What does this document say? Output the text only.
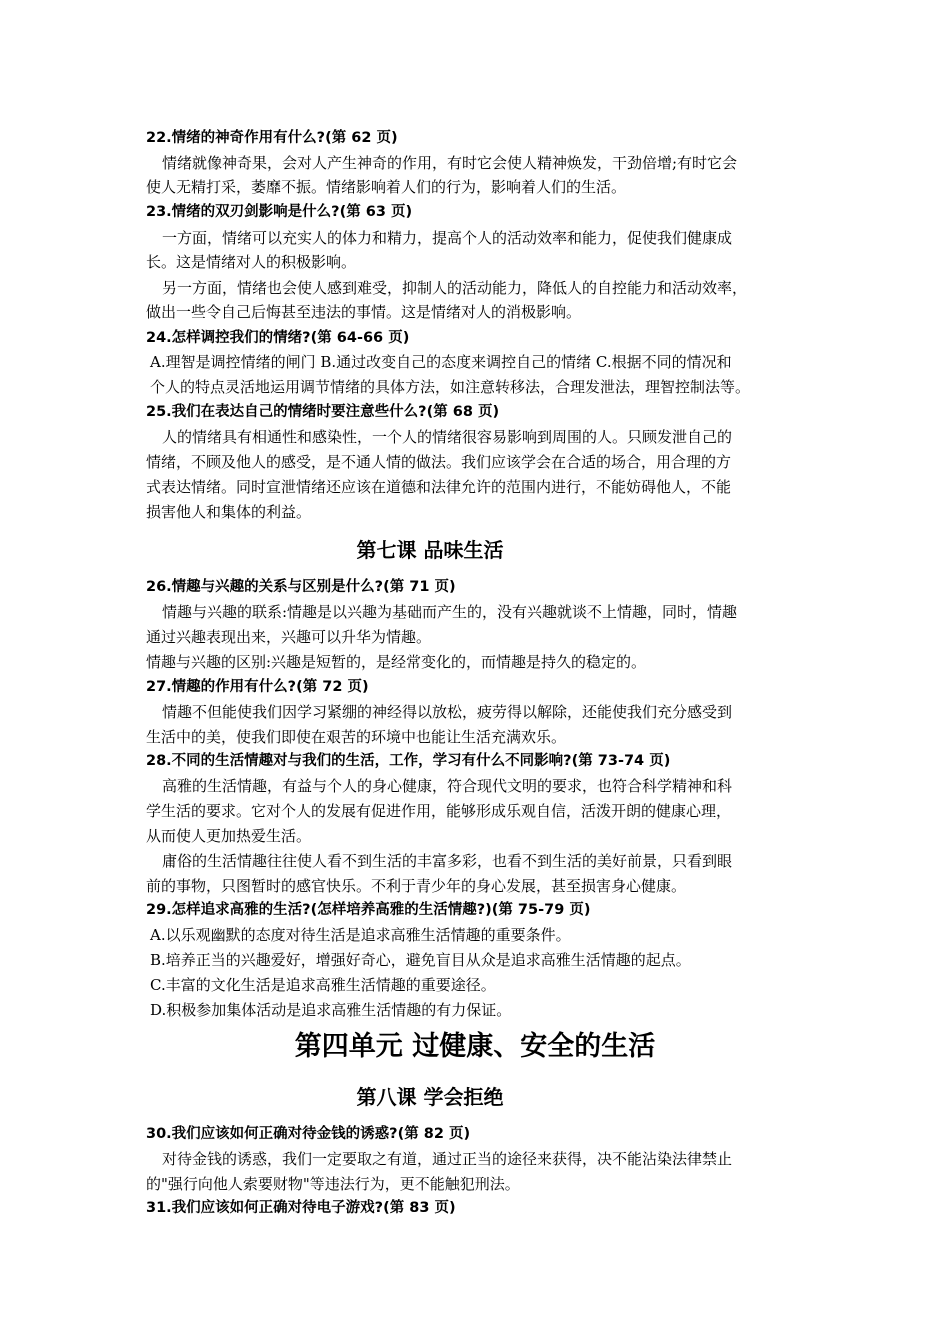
22.情绪的神奇作用有什么?(第 62 页)
情绪就像神奇果，会对人产生神奇的作用，有时它会使人精神焕发，干劲倍增;有时它会
使人无精打采，萎靡不振。情绪影响着人们的行为，影响着人们的生活。
23.情绪的双刃剑影响是什么?(第 63 页)
一方面，情绪可以充实人的体力和精力，提高个人的活动效率和能力，促使我们健康成
长。这是情绪对人的积极影响。
另一方面，情绪也会使人感到难受，抑制人的活动能力，降低人的自控能力和活动效率，
做出一些令自己后悔甚至违法的事情。这是情绪对人的消极影响。
24.怎样调控我们的情绪?(第 64-66 页)
A.理智是调控情绪的闸门 B.通过改变自己的态度来调控自己的情绪 C.根据不同的情况和
个人的特点灵活地运用调节情绪的具体方法，如注意转移法，合理发泄法，理智控制法等。
25.我们在表达自己的情绪时要注意些什么?(第 68 页)
人的情绪具有相通性和感染性，一个人的情绪很容易影响到周围的人。只顾发泄自己的
情绪，不顾及他人的感受，是不通人情的做法。我们应该学会在合适的场合，用合理的方
式表达情绪。同时宣泄情绪还应该在道德和法律允许的范围内进行，不能妨碍他人，不能
损害他人和集体的利益。
第七课 品味生活
26.情趣与兴趣的关系与区别是什么?(第 71 页)
情趣与兴趣的联系:情趣是以兴趣为基础而产生的，没有兴趣就谈不上情趣，同时，情趣
通过兴趣表现出来，兴趣可以升华为情趣。
情趣与兴趣的区别:兴趣是短暂的，是经常变化的，而情趣是持久的稳定的。
27.情趣的作用有什么?(第 72 页)
情趣不但能使我们因学习紧绷的神经得以放松，疲劳得以解除，还能使我们充分感受到
生活中的美，使我们即使在艰苦的环境中也能让生活充满欢乐。
28.不同的生活情趣对与我们的生活，工作，学习有什么不同影响?(第 73-74 页)
高雅的生活情趣，有益与个人的身心健康，符合现代文明的要求，也符合科学精神和科
学生活的要求。它对个人的发展有促进作用，能够形成乐观自信，活泼开朗的健康心理，
从而使人更加热爱生活。
庸俗的生活情趣往往使人看不到生活的丰富多彩，也看不到生活的美好前景，只看到眼
前的事物，只图暂时的感官快乐。不利于青少年的身心发展，甚至损害身心健康。
29.怎样追求高雅的生活?(怎样培养高雅的生活情趣?)(第 75-79 页)
A.以乐观幽默的态度对待生活是追求高雅生活情趣的重要条件。
B.培养正当的兴趣爱好，增强好奇心，避免盲目从众是追求高雅生活情趣的起点。
C.丰富的文化生活是追求高雅生活情趣的重要途径。
D.积极参加集体活动是追求高雅生活情趣的有力保证。
第四单元 过健康、安全的生活
第八课 学会拒绝
30.我们应该如何正确对待金钱的诱惑?(第 82 页)
对待金钱的诱惑，我们一定要取之有道，通过正当的途径来获得，决不能沾染法律禁止
的"强行向他人索要财物"等违法行为，更不能触犯刑法。
31.我们应该如何正确对待电子游戏?(第 83 页)
